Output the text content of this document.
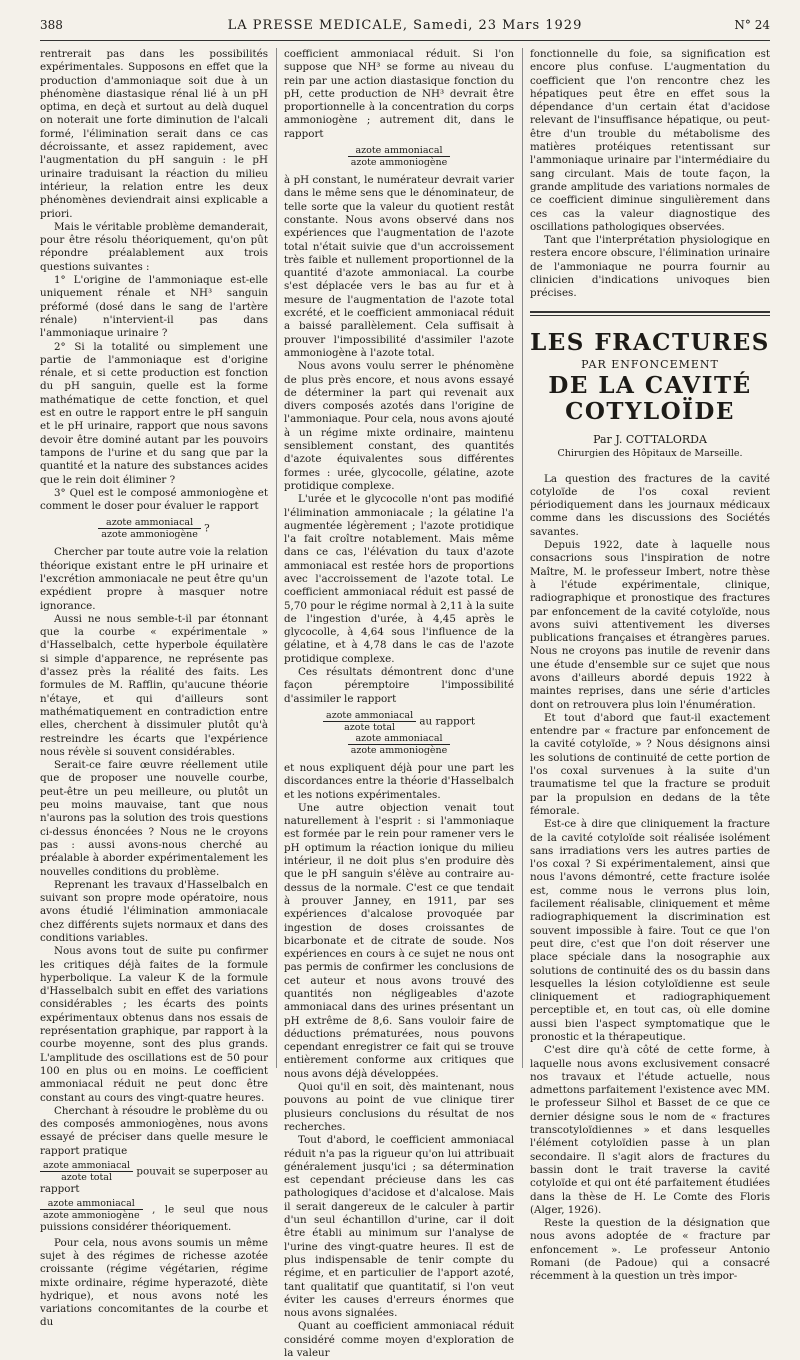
388	LA PRESSE MEDICALE, Samedi, 23 Mars 1929	N° 24

rentrerait pas dans les possibilités expérimentales. Supposons en effet que la production d'ammoniaque soit due à un phénomène diastasique rénal lié à un pH optima, en deçà et surtout au delà duquel on noterait une forte diminution de l'alcali formé, l'élimination serait dans ce cas décroissante, et assez rapidement, avec l'augmentation du pH sanguin : le pH urinaire traduisant la réaction du milieu intérieur, la relation entre les deux phénomènes deviendrait ainsi explicable a priori.

Mais le véritable problème demanderait, pour être résolu théoriquement, qu'on pût répondre préalablement aux trois questions suivantes :

1° L'origine de l'ammoniaque est-elle uniquement rénale et NH³ sanguin préformé (dosé dans le sang de l'artère rénale) n'intervient-il pas dans l'ammoniaque urinaire ?

2° Si la totalité ou simplement une partie de l'ammoniaque est d'origine rénale, et si cette production est fonction du pH sanguin, quelle est la forme mathématique de cette fonction, et quel est en outre le rapport entre le pH sanguin et le pH urinaire, rapport que nous savons devoir être dominé autant par les pouvoirs tampons de l'urine et du sang que par la quantité et la nature des substances acides que le rein doit éliminer ?

3° Quel est le composé ammoniogène et comment le doser pour évaluer le rapport

$\frac{\text{azote ammoniacal}}{\text{azote ammoniogène}}$ ?

Chercher par toute autre voie la relation théorique existant entre le pH urinaire et l'excrétion ammoniacale ne peut être qu'un expédient propre à masquer notre ignorance.

Aussi ne nous semble-t-il par étonnant que la courbe « expérimentale » d'Hasselbalch, cette hyperbole équilatère si simple d'apparence, ne représente pas d'assez près la réalité des faits. Les formules de M. Rafflin, qu'aucune théorie n'étaye, et qui d'ailleurs sont mathématiquement en contradiction entre elles, cherchent à dissimuler plutôt qu'à restreindre les écarts que l'expérience nous révèle si souvent considérables.

Serait-ce faire œuvre réellement utile que de proposer une nouvelle courbe, peut-être un peu meilleure, ou plutôt un peu moins mauvaise, tant que nous n'aurons pas la solution des trois questions ci-dessus énoncées ? Nous ne le croyons pas : aussi avons-nous cherché au préalable à aborder expérimentalement les nouvelles conditions du problème.

Reprenant les travaux d'Hasselbalch en suivant son propre mode opératoire, nous avons étudié l'élimination ammoniacale chez différents sujets normaux et dans des conditions variables.

Nous avons tout de suite pu confirmer les critiques déjà faites de la formule hyperbolique. La valeur K de la formule d'Hasselbalch subit en effet des variations considérables ; les écarts des points expérimentaux obtenus dans nos essais de représentation graphique, par rapport à la courbe moyenne, sont des plus grands. L'amplitude des oscillations est de 50 pour 100 en plus ou en moins. Le coefficient ammoniacal réduit ne peut donc être constant au cours des vingt-quatre heures.

Cherchant à résoudre le problème du ou des composés ammoniogènes, nous avons essayé de préciser dans quelle mesure le rapport pratique

$\frac{\text{azote ammoniacal}}{\text{azote total}}$ pouvait se superposer au rapport
$\frac{\text{azote ammoniacal}}{\text{azote ammoniogène}}$ , le seul que nous puissions considérer théoriquement.

Pour cela, nous avons soumis un même sujet à des régimes de richesse azotée croissante (régime végétarien, régime mixte ordinaire, régime hyperazoté, diète hydrique), et nous avons noté les variations concomitantes de la courbe et du

coefficient ammoniacal réduit. Si l'on suppose que NH³ se forme au niveau du rein par une action diastasique fonction du pH, cette production de NH³ devrait être proportionnelle à la concentration du corps ammoniogène ; autrement dit, dans le rapport

$\frac{\text{azote ammoniacal}}{\text{azote ammoniogène}}$

à pH constant, le numérateur devrait varier dans le même sens que le dénominateur, de telle sorte que la valeur du quotient restât constante. Nous avons observé dans nos expériences que l'augmentation de l'azote total n'était suivie que d'un accroissement très faible et nullement proportionnel de la quantité d'azote ammoniacal. La courbe s'est déplacée vers le bas au fur et à mesure de l'augmentation de l'azote total excrété, et le coefficient ammoniacal réduit a baissé parallèlement. Cela suffisait à prouver l'impossibilité d'assimiler l'azote ammoniogène à l'azote total.

Nous avons voulu serrer le phénomène de plus près encore, et nous avons essayé de déterminer la part qui revenait aux divers composés azotés dans l'origine de l'ammoniaque. Pour cela, nous avons ajouté à un régime mixte ordinaire, maintenu sensiblement constant, des quantités d'azote équivalentes sous différentes formes : urée, glycocolle, gélatine, azote protidique complexe.

L'urée et le glycocolle n'ont pas modifié l'élimination ammoniacale ; la gélatine l'a augmentée légèrement ; l'azote protidique l'a fait croître notablement. Mais même dans ce cas, l'élévation du taux d'azote ammoniacal est restée hors de proportions avec l'accroissement de l'azote total. Le coefficient ammoniacal réduit est passé de 5,70 pour le régime normal à 2,11 à la suite de l'ingestion d'urée, à 4,45 après le glycocolle, à 4,64 sous l'influence de la gélatine, et à 4,78 dans le cas de l'azote protidique complexe.

Ces résultats démontrent donc d'une façon péremptoire l'impossibilité d'assimiler le rapport

$\frac{\text{azote ammoniacal}}{\text{azote total}}$ au rapport
$\frac{\text{azote ammoniacal}}{\text{azote ammoniogène}}$

et nous expliquent déjà pour une part les discordances entre la théorie d'Hasselbalch et les notions expérimentales.

Une autre objection venait tout naturellement à l'esprit : si l'ammoniaque est formée par le rein pour ramener vers le pH optimum la réaction ionique du milieu intérieur, il ne doit plus s'en produire dès que le pH sanguin s'élève au contraire au-dessus de la normale. C'est ce que tendait à prouver Janney, en 1911, par ses expériences d'alcalose provoquée par ingestion de doses croissantes de bicarbonate et de citrate de soude. Nos expériences en cours à ce sujet ne nous ont pas permis de confirmer les conclusions de cet auteur et nous avons trouvé des quantités non négligeables d'azote ammoniacal dans des urines présentant un pH extrême de 8,6. Sans vouloir faire de déductions prématurées, nous pouvons cependant enregistrer ce fait qui se trouve entièrement conforme aux critiques que nous avons déjà développées.

Quoi qu'il en soit, dès maintenant, nous pouvons au point de vue clinique tirer plusieurs conclusions du résultat de nos recherches.

Tout d'abord, le coefficient ammoniacal réduit n'a pas la rigueur qu'on lui attribuait généralement jusqu'ici ; sa détermination est cependant précieuse dans les cas pathologiques d'acidose et d'alcalose. Mais il serait dangereux de le calculer à partir d'un seul échantillon d'urine, car il doit être établi au minimum sur l'analyse de l'urine des vingt-quatre heures. Il est de plus indispensable de tenir compte du régime, et en particulier de l'apport azoté, tant qualitatif que quantitatif, si l'on veut éviter les causes d'erreurs énormes que nous avons signalées.

Quant au coefficient ammoniacal réduit considéré comme moyen d'exploration de la valeur

fonctionnelle du foie, sa signification est encore plus confuse. L'augmentation du coefficient que l'on rencontre chez les hépatiques peut être en effet sous la dépendance d'un certain état d'acidose relevant de l'insuffisance hépatique, ou peut-être d'un trouble du métabolisme des matières protéiques retentissant sur l'ammoniaque urinaire par l'intermédiaire du sang circulant. Mais de toute façon, la grande amplitude des variations normales de ce coefficient diminue singulièrement dans ces cas la valeur diagnostique des oscillations pathologiques observées.

Tant que l'interprétation physiologique en restera encore obscure, l'élimination urinaire de l'ammoniaque ne pourra fournir au clinicien d'indications univoques bien précises.

LES FRACTURES
PAR ENFONCEMENT
DE LA CAVITÉ COTYLOÏDE
Par J. COTTALORDA
Chirurgien des Hôpitaux de Marseille.

La question des fractures de la cavité cotyloïde de l'os coxal revient périodiquement dans les journaux médicaux comme dans les discussions des Sociétés savantes.

Depuis 1922, date à laquelle nous consacrions sous l'inspiration de notre Maître, M. le professeur Imbert, notre thèse à l'étude expérimentale, clinique, radiographique et pronostique des fractures par enfoncement de la cavité cotyloïde, nous avons suivi attentivement les diverses publications françaises et étrangères parues. Nous ne croyons pas inutile de revenir dans une étude d'ensemble sur ce sujet que nous avons d'ailleurs abordé depuis 1922 à maintes reprises, dans une série d'articles dont on retrouvera plus loin l'énumération.

Et tout d'abord que faut-il exactement entendre par « fracture par enfoncement de la cavité cotyloïde, » ? Nous désignons ainsi les solutions de continuité de cette portion de l'os coxal survenues à la suite d'un traumatisme tel que la fracture se produit par la propulsion en dedans de la tête fémorale.

Est-ce à dire que cliniquement la fracture de la cavité cotyloïde soit réalisée isolément sans irradiations vers les autres parties de l'os coxal ? Si expérimentalement, ainsi que nous l'avons démontré, cette fracture isolée est, comme nous le verrons plus loin, facilement réalisable, cliniquement et même radiographiquement la discrimination est souvent impossible à faire. Tout ce que l'on peut dire, c'est que l'on doit réserver une place spéciale dans la nosographie aux solutions de continuité des os du bassin dans lesquelles la lésion cotyloïdienne est seule cliniquement et radiographiquement perceptible et, en tout cas, où elle domine aussi bien l'aspect symptomatique que le pronostic et la thérapeutique.

C'est dire qu'à côté de cette forme, à laquelle nous avons exclusivement consacré nos travaux et l'étude actuelle, nous admettons parfaitement l'existence avec MM. le professeur Silhol et Basset de ce que ce dernier désigne sous le nom de « fractures transcotyloïdiennes » et dans lesquelles l'élément cotyloïdien passe à un plan secondaire. Il s'agit alors de fractures du bassin dont le trait traverse la cavité cotyloïde et qui ont été parfaitement étudiées dans la thèse de H. Le Comte des Floris (Alger, 1926).

Reste la question de la désignation que nous avons adoptée de « fracture par enfoncement ». Le professeur Antonio Romani (de Padoue) qui a consacré récemment à la question un très impor-
